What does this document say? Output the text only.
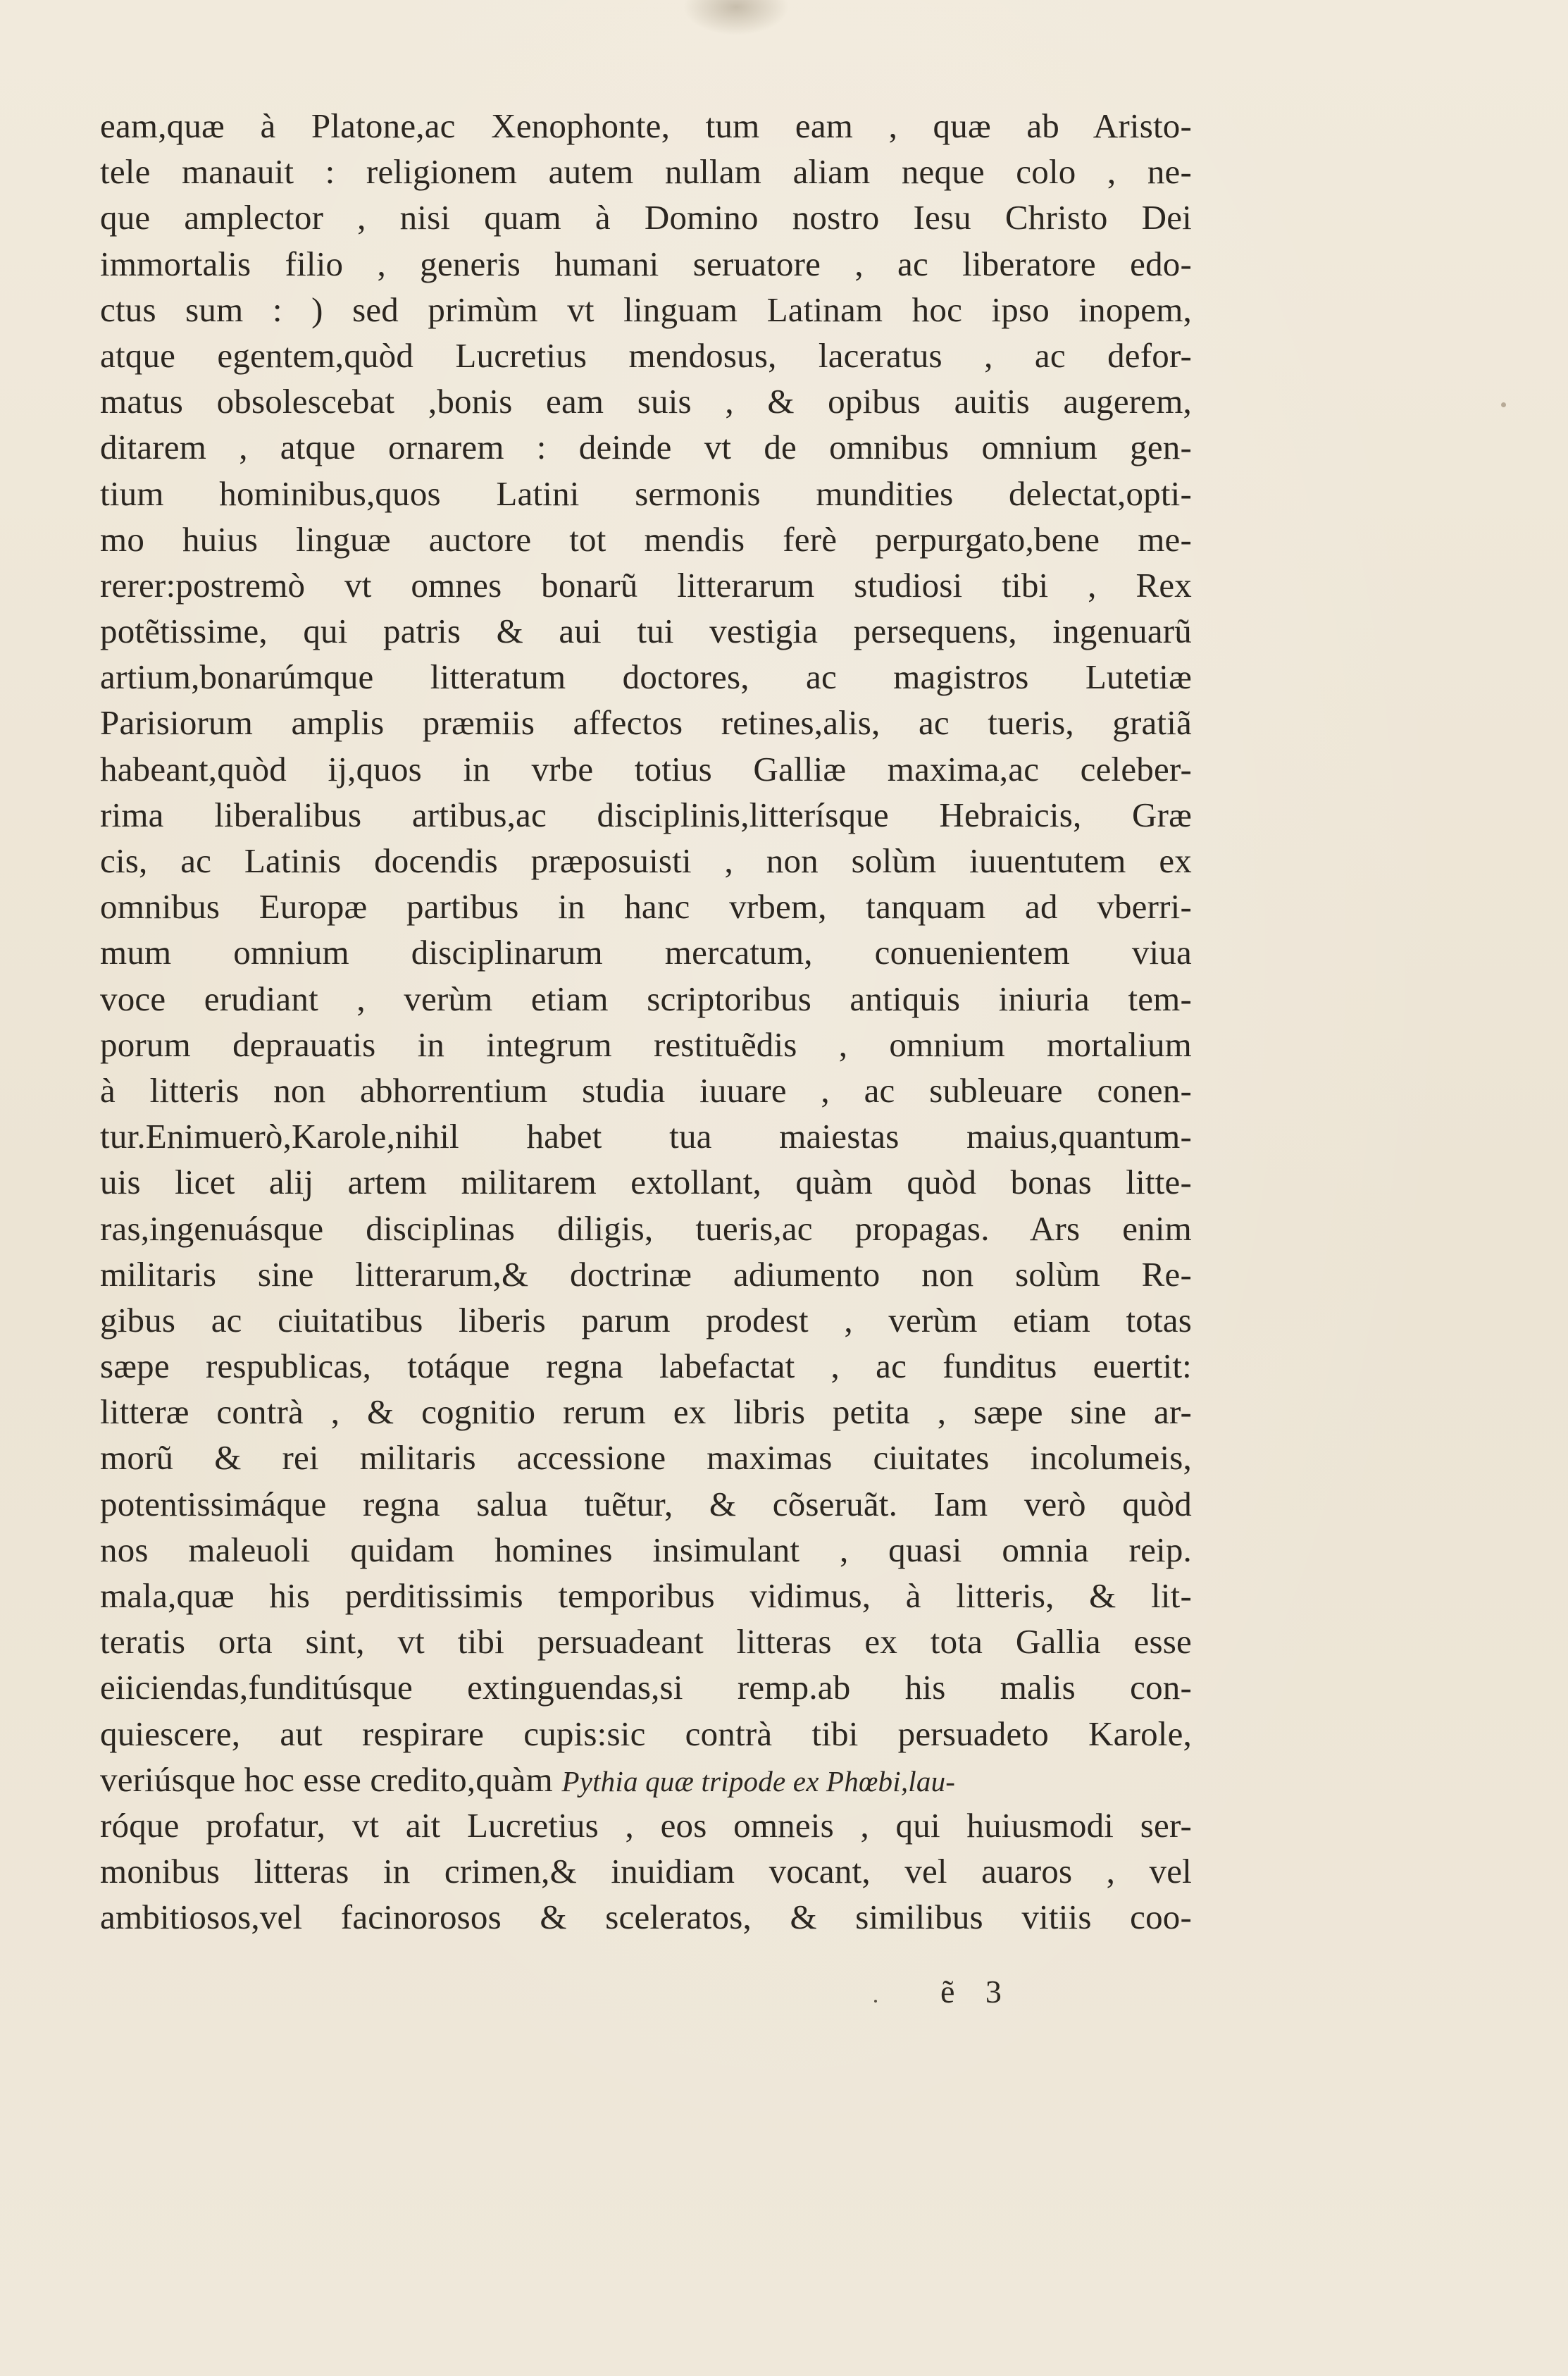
eam,quæ à Platone,ac Xenophonte, tum eam , quæ ab Aristo-
tele manauit : religionem autem nullam aliam neque colo , ne-
que amplector , nisi quam à Domino nostro Iesu Christo Dei
immortalis filio , generis humani seruatore , ac liberatore edo-
ctus sum : ) sed primùm vt linguam Latinam hoc ipso inopem,
atque egentem,quòd Lucretius mendosus, laceratus , ac defor-
matus obsolescebat ,bonis eam suis , & opibus auitis augerem,
ditarem , atque ornarem : deinde vt de omnibus omnium gen-
tium hominibus,quos Latini sermonis mundities delectat,opti-
mo huius linguæ auctore tot mendis ferè perpurgato,bene me-
rerer:postremò vt omnes bonarũ litterarum studiosi tibi , Rex
potẽtissime, qui patris & aui tui vestigia persequens, ingenuarũ
artium,bonarúmque litteratum doctores, ac magistros Lutetiæ
Parisiorum amplis præmiis affectos retines,alis, ac tueris, gratiã
habeant,quòd ij,quos in vrbe totius Galliæ maxima,ac celeber-
rima liberalibus artibus,ac disciplinis,litterísque Hebraicis, Græ
cis, ac Latinis docendis præposuisti , non solùm iuuentutem ex
omnibus Europæ partibus in hanc vrbem, tanquam ad vberri-
mum omnium disciplinarum mercatum, conuenientem viua
voce erudiant , verùm etiam scriptoribus antiquis iniuria tem-
porum deprauatis in integrum restituẽdis , omnium mortalium
à litteris non abhorrentium studia iuuare , ac subleuare conen-
tur.Enimuerò,Karole,nihil habet tua maiestas maius,quantum-
uis licet alij artem militarem extollant, quàm quòd bonas litte-
ras,ingenuásque disciplinas diligis, tueris,ac propagas. Ars enim
militaris sine litterarum,& doctrinæ adiumento non solùm Re-
gibus ac ciuitatibus liberis parum prodest , verùm etiam totas
sæpe respublicas, totáque regna labefactat , ac funditus euertit:
litteræ contrà , & cognitio rerum ex libris petita , sæpe sine ar-
morũ & rei militaris accessione maximas ciuitates incolumeis,
potentissimáque regna salua tuẽtur, & cõseruãt. Iam verò quòd
nos maleuoli quidam homines insimulant , quasi omnia reip.
mala,quæ his perditissimis temporibus vidimus, à litteris, & lit-
teratis orta sint, vt tibi persuadeant litteras ex tota Gallia esse
eiiciendas,funditúsque extinguendas,si remp.ab his malis con-
quiescere, aut respirare cupis:sic contrà tibi persuadeto Karole,
veriúsque hoc esse credito,quàm Pythia quæ tripode ex Phœbi,lau-
róque profatur, vt ait Lucretius , eos omneis , qui huiusmodi ser-
monibus litteras in crimen,& inuidiam vocant, vel auaros , vel
ambitiosos,vel facinorosos & sceleratos, & similibus vitiis coo-
ẽ 3
